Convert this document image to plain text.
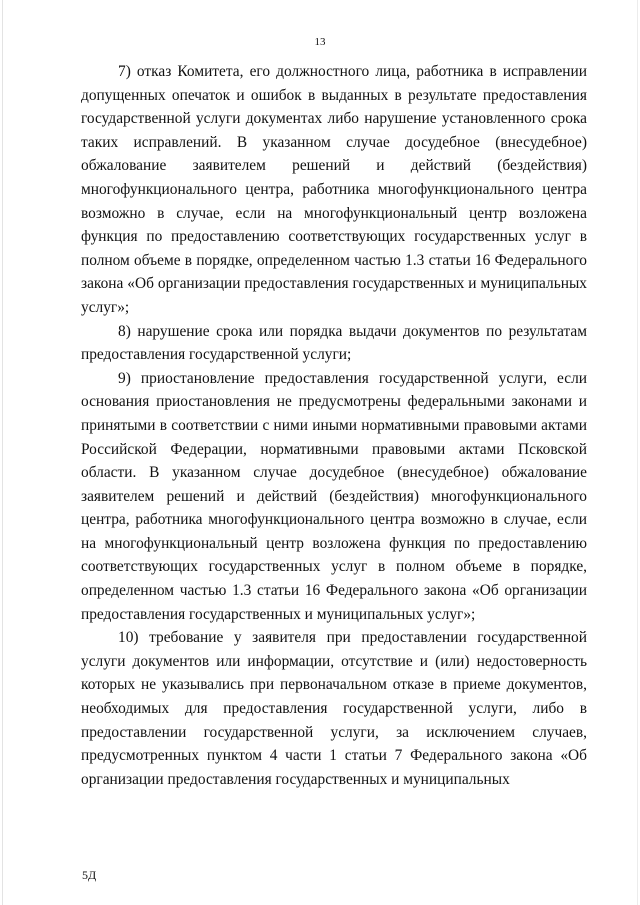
13

7) отказ Комитета, его должностного лица, работника в исправлении допущенных опечаток и ошибок в выданных в результате предоставления государственной услуги документах либо нарушение установленного срока таких исправлений. В указанном случае досудебное (внесудебное) обжалование заявителем решений и действий (бездействия) многофункционального центра, работника многофункционального центра возможно в случае, если на многофункциональный центр возложена функция по предоставлению соответствующих государственных услуг в полном объеме в порядке, определенном частью 1.3 статьи 16 Федерального закона «Об организации предоставления государственных и муниципальных услуг»;

8) нарушение срока или порядка выдачи документов по результатам предоставления государственной услуги;

9) приостановление предоставления государственной услуги, если основания приостановления не предусмотрены федеральными законами и принятыми в соответствии с ними иными нормативными правовыми актами Российской Федерации, нормативными правовыми актами Псковской области. В указанном случае досудебное (внесудебное) обжалование заявителем решений и действий (бездействия) многофункционального центра, работника многофункционального центра возможно в случае, если на многофункциональный центр возложена функция по предоставлению соответствующих государственных услуг в полном объеме в порядке, определенном частью 1.3 статьи 16 Федерального закона «Об организации предоставления государственных и муниципальных услуг»;

10) требование у заявителя при предоставлении государственной услуги документов или информации, отсутствие и (или) недостоверность которых не указывались при первоначальном отказе в приеме документов, необходимых для предоставления государственной услуги, либо в предоставлении государственной услуги, за исключением случаев, предусмотренных пунктом 4 части 1 статьи 7 Федерального закона «Об организации предоставления государственных и муниципальных

5Д
